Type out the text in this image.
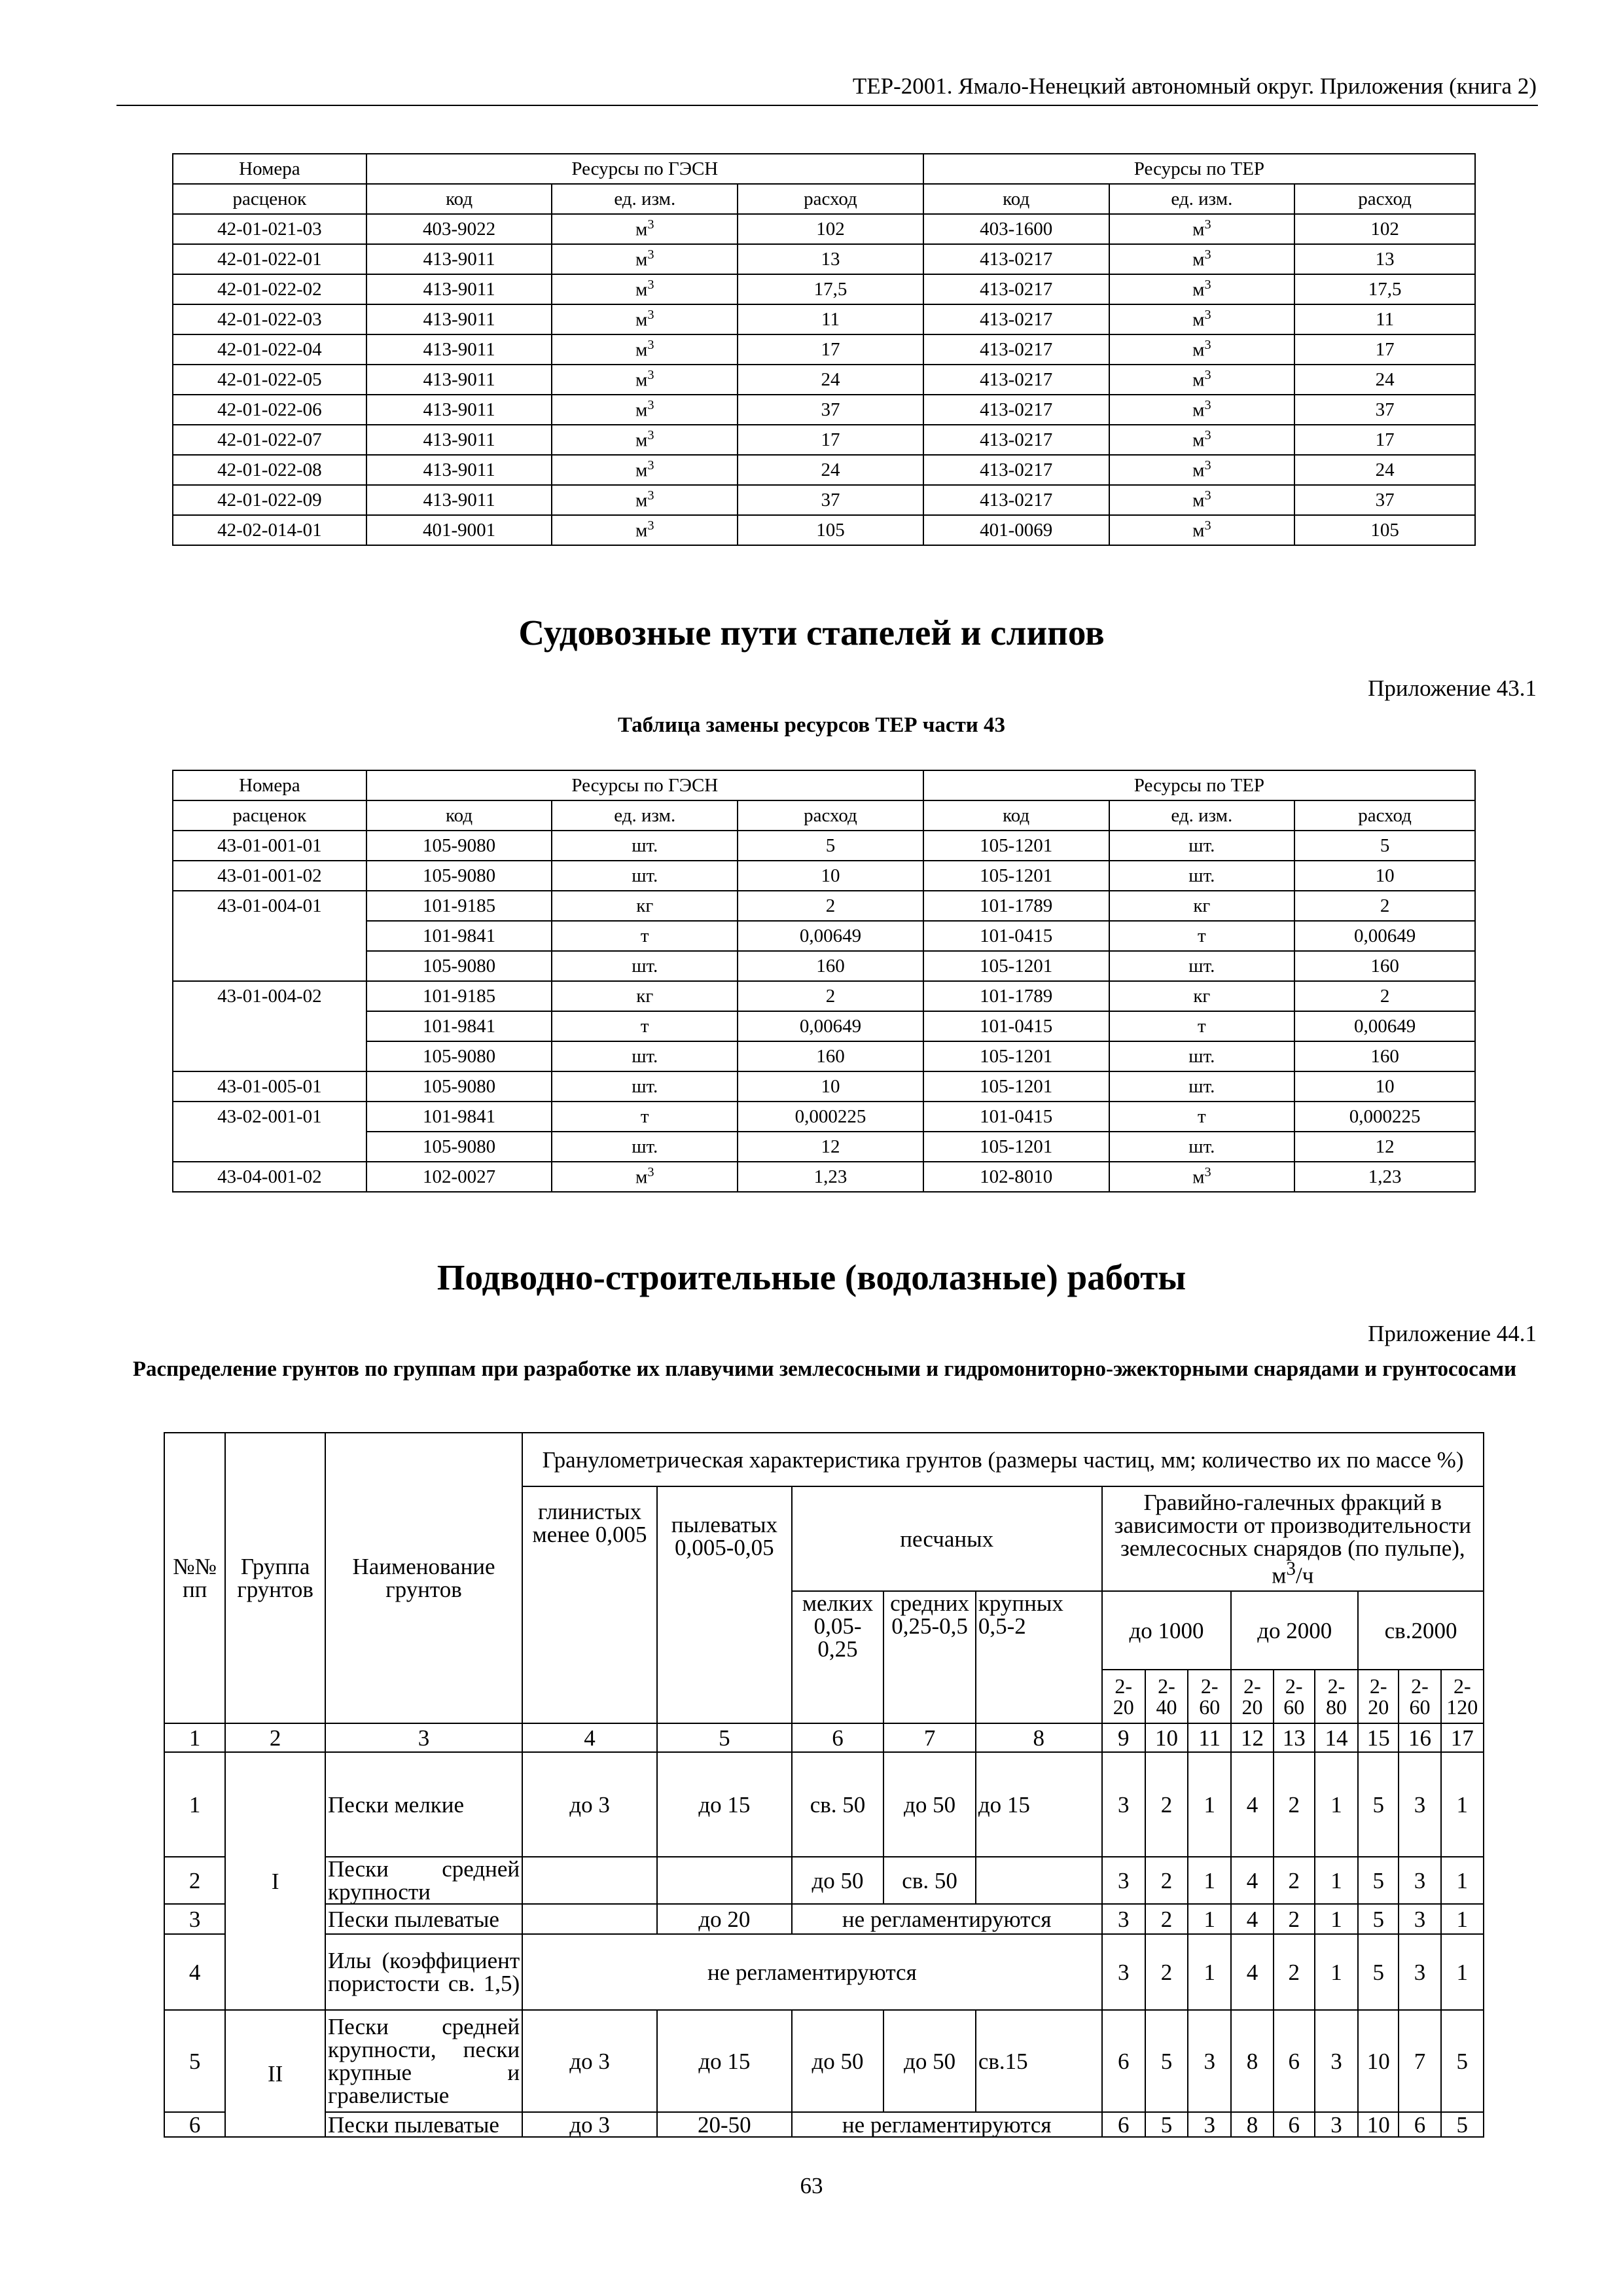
ТЕР-2001. Ямало-Ненецкий автономный округ. Приложения (книга 2)
Номера	Ресурсы по ГЭСН			Ресурсы по ТЕР		
расценок	код	ед. изм.	расход	код	ед. изм.	расход
42-01-021-03	403-9022	$м^3$	102	403-1600	$м^3$	102
42-01-022-01	413-9011	$м^3$	13	413-0217	$м^3$	13
42-01-022-02	413-9011	$м^3$	17,5	413-0217	$м^3$	17,5
42-01-022-03	413-9011	$м^3$	11	413-0217	$м^3$	11
42-01-022-04	413-9011	$м^3$	17	413-0217	$м^3$	17
42-01-022-05	413-9011	$м^3$	24	413-0217	$м^3$	24
42-01-022-06	413-9011	$м^3$	37	413-0217	$м^3$	37
42-01-022-07	413-9011	$м^3$	17	413-0217	$м^3$	17
42-01-022-08	413-9011	$м^3$	24	413-0217	$м^3$	24
42-01-022-09	413-9011	$м^3$	37	413-0217	$м^3$	37
42-02-014-01	401-9001	$м^3$	105	401-0069	$м^3$	105
Судовозные пути стапелей и слипов
Приложение 43.1
Таблица замены ресурсов ТЕР части 43
Номера	Ресурсы по ГЭСН			Ресурсы по ТЕР		
расценок	код	ед. изм.	расход	код	ед. изм.	расход
43-01-001-01	105-9080	шт.	5	105-1201	шт.	5
43-01-001-02	105-9080	шт.	10	105-1201	шт.	10
43-01-004-01	101-9185	кг	2	101-1789	кг	2
	101-9841	т	0,00649	101-0415	т	0,00649
	105-9080	шт.	160	105-1201	шт.	160
43-01-004-02	101-9185	кг	2	101-1789	кг	2
	101-9841	т	0,00649	101-0415	т	0,00649
	105-9080	шт.	160	105-1201	шт.	160
43-01-005-01	105-9080	шт.	10	105-1201	шт.	10
43-02-001-01	101-9841	т	0,000225	101-0415	т	0,000225
	105-9080	шт.	12	105-1201	шт.	12
43-04-001-02	102-0027	$м^3$	1,23	102-8010	$м^3$	1,23
Подводно-строительные (водолазные) работы
Приложение 44.1
Распределение грунтов по группам при разработке их плавучими землесосными и гидромониторно-эжекторными снарядами и грунтососами
№№ пп	Группа грунтов	Наименование грунтов	Гранулометрическая характеристика грунтов (размеры частиц, мм; количество их по массе %)													
			глинистых менее 0,005	пылеватых 0,005-0,05	песчаных			Гравийно-галечных фракций в зависимости от производительности землесосных снарядов (по пульпе), $м^3/ч$								
					мелких 0,05-0,25	средних 0,25-0,5	крупных 0,5-2	до 1000			до 2000			св.2000		
								2-20	2-40	2-60	2-20	2-60	2-80	2-20	2-60	2-120
1	2	3	4	5	6	7	8	9	10	11	12	13	14	15	16	17
1	I	Пески мелкие	до 3	до 15	св. 50	до 50	до 15	3	2	1	4	2	1	5	3	1
2		Пески средней крупности			до 50	св. 50		3	2	1	4	2	1	5	3	1
3		Пески пылеватые		до 20	не регламентируются			3	2	1	4	2	1	5	3	1
4		Илы (коэффициент пористости св. 1,5)	не регламентируются					3	2	1	4	2	1	5	3	1
5	II	Пески средней крупности, пески крупные и гравелистые	до 3	до 15	до 50	до 50	св.15	6	5	3	8	6	3	10	7	5
6		Пески пылеватые	до 3	20-50	не регламентируются			6	5	3	8	6	3	10	6	5
63
